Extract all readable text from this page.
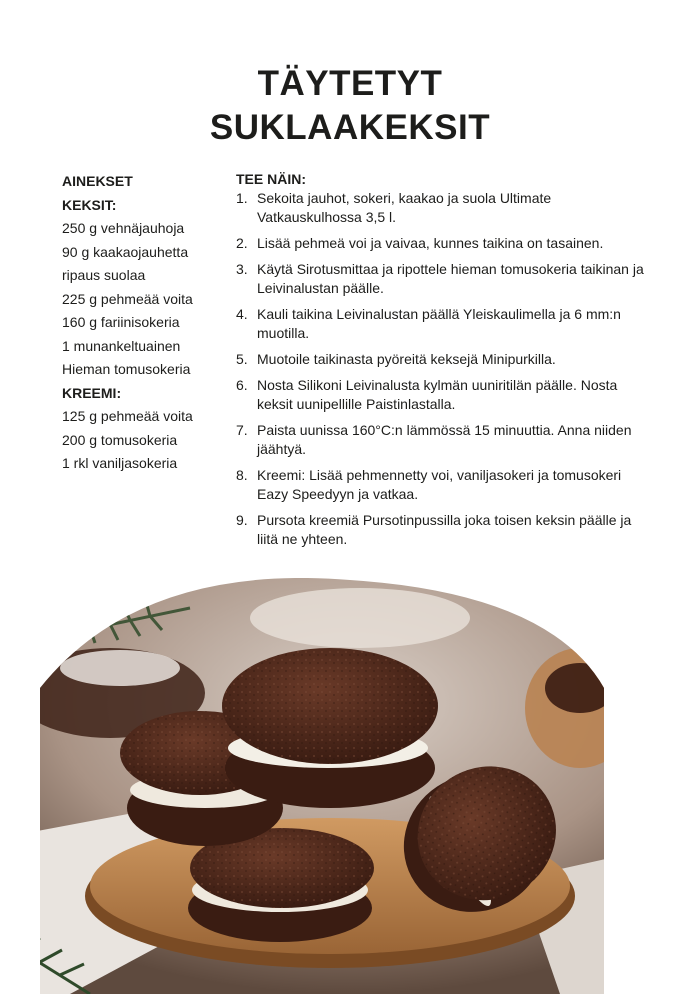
TÄYTETYT
SUKLAAKEKSIT
AINEKSET
KEKSIT:
250 g vehnäjauhoja
90 g kaakaojauhetta
ripaus suolaa
225 g pehmeää voita
160 g fariinisokeria
1 munankeltuainen
Hieman tomusokeria
KREEMI:
125 g pehmeää voita
200 g tomusokeria
1 rkl vaniljasokeria
TEE NÄIN:
1. Sekoita jauhot, sokeri, kaakao ja suola Ultimate Vatkauskulhossa 3,5 l.
2. Lisää pehmeä voi ja vaivaa, kunnes taikina on tasainen.
3. Käytä Sirotusmittaa ja ripottele hieman tomusokeria taikinan ja Leivinalustan päälle.
4. Kauli taikina Leivinalustan päällä Yleiskaulimella ja 6 mm:n muotilla.
5. Muotoile taikinasta pyöreitä keksejä Minipurkilla.
6. Nosta Silikoni Leivinalusta kylmän uuniritilän päälle. Nosta keksit uunipellille Paistinlastalla.
7. Paista uunissa 160°C:n lämmössä 15 minuuttia. Anna niiden jäähtyä.
8. Kreemi: Lisää pehmennetty voi, vaniljasokeri ja tomusokeri Eazy Speedyyn ja vatkaa.
9. Pursota kreemiä Pursotinpussilla joka toisen keksin päälle ja liitä ne yhteen.
